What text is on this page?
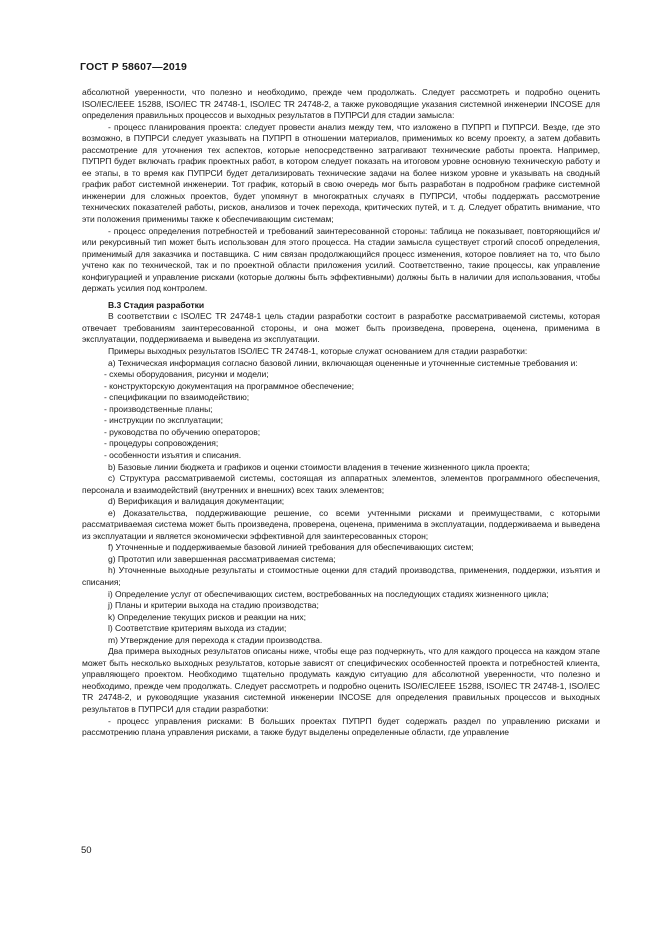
ГОСТ Р 58607—2019
абсолютной уверенности, что полезно и необходимо, прежде чем продолжать. Следует рассмотреть и подробно оценить ISO/IEC/IEEE 15288, ISO/IEC TR 24748-1, ISO/IEC TR 24748-2, а также руководящие указания системной инженерии INCOSE для определения правильных процессов и выходных результатов в ПУПРСИ для стадии замысла:
- процесс планирования проекта: следует провести анализ между тем, что изложено в ПУПРП и ПУПРСИ. Везде, где это возможно, в ПУПРСИ следует указывать на ПУПРП в отношении материалов, применимых ко всему проекту, а затем добавить рассмотрение для уточнения тех аспектов, которые непосредственно затрагивают технические работы проекта. Например, ПУПРП будет включать график проектных работ, в котором следует показать на итоговом уровне основную техническую работу и ее этапы, в то время как ПУПРСИ будет детализировать технические задачи на более низком уровне и указывать на сводный график работ системной инженерии. Тот график, который в свою очередь мог быть разработан в подробном графике системной инженерии для сложных проектов, будет упомянут в многократных случаях в ПУПРСИ, чтобы поддержать рассмотрение технических показателей работы, рисков, анализов и точек перехода, критических путей, и т. д. Следует обратить внимание, что эти положения применимы также к обеспечивающим системам;
- процесс определения потребностей и требований заинтересованной стороны: таблица не показывает, повторяющийся и/или рекурсивный тип может быть использован для этого процесса. На стадии замысла существует строгий способ определения, применимый для заказчика и поставщика. С ним связан продолжающийся процесс изменения, которое повлияет на то, что было учтено как по технической, так и по проектной области приложения усилий. Соответственно, такие процессы, как управление конфигурацией и управление рисками (которые должны быть эффективными) должны быть в наличии для использования, чтобы держать усилия под контролем.
В.3 Стадия разработки
В соответствии с ISO/IEC TR 24748-1 цель стадии разработки состоит в разработке рассматриваемой системы, которая отвечает требованиям заинтересованной стороны, и она может быть произведена, проверена, оценена, применима в эксплуатации, поддерживаема и выведена из эксплуатации.
Примеры выходных результатов ISO/IEC TR 24748-1, которые служат основанием для стадии разработки:
а) Техническая информация согласно базовой линии, включающая оцененные и уточненные системные требования и:
- схемы оборудования, рисунки и модели;
- конструкторскую документация на программное обеспечение;
- спецификации по взаимодействию;
- производственные планы;
- инструкции по эксплуатации;
- руководства по обучению операторов;
- процедуры сопровождения;
- особенности изъятия и списания.
b) Базовые линии бюджета и графиков и оценки стоимости владения в течение жизненного цикла проекта;
c) Структура рассматриваемой системы, состоящая из аппаратных элементов, элементов программного обеспечения, персонала и взаимодействий (внутренних и внешних) всех таких элементов;
d) Верификация и валидация документации;
e) Доказательства, поддерживающие решение, со всеми учтенными рисками и преимуществами, с которыми рассматриваемая система может быть произведена, проверена, оценена, применима в эксплуатации, поддерживаема и выведена из эксплуатации и является экономически эффективной для заинтересованных сторон;
f) Уточненные и поддерживаемые базовой линией требования для обеспечивающих систем;
g) Прототип или завершенная рассматриваемая система;
h) Уточненные выходные результаты и стоимостные оценки для стадий производства, применения, поддержки, изъятия и списания;
i) Определение услуг от обеспечивающих систем, востребованных на последующих стадиях жизненного цикла;
j) Планы и критерии выхода на стадию производства;
k) Определение текущих рисков и реакции на них;
l) Соответствие критериям выхода из стадии;
m) Утверждение для перехода к стадии производства.
Два примера выходных результатов описаны ниже, чтобы еще раз подчеркнуть, что для каждого процесса на каждом этапе может быть несколько выходных результатов, которые зависят от специфических особенностей проекта и потребностей клиента, управляющего проектом. Необходимо тщательно продумать каждую ситуацию для абсолютной уверенности, что полезно и необходимо, прежде чем продолжать. Следует рассмотреть и подробно оценить ISO/IEC/IEEE 15288, ISO/IEC TR 24748-1, ISO/IEC TR 24748-2, и руководящие указания системной инженерии INCOSE для определения правильных процессов и выходных результатов в ПУПРСИ для стадии разработки:
- процесс управления рисками: В больших проектах ПУПРП будет содержать раздел по управлению рисками и рассмотрению плана управления рисками, а также будут выделены определенные области, где управление
50
